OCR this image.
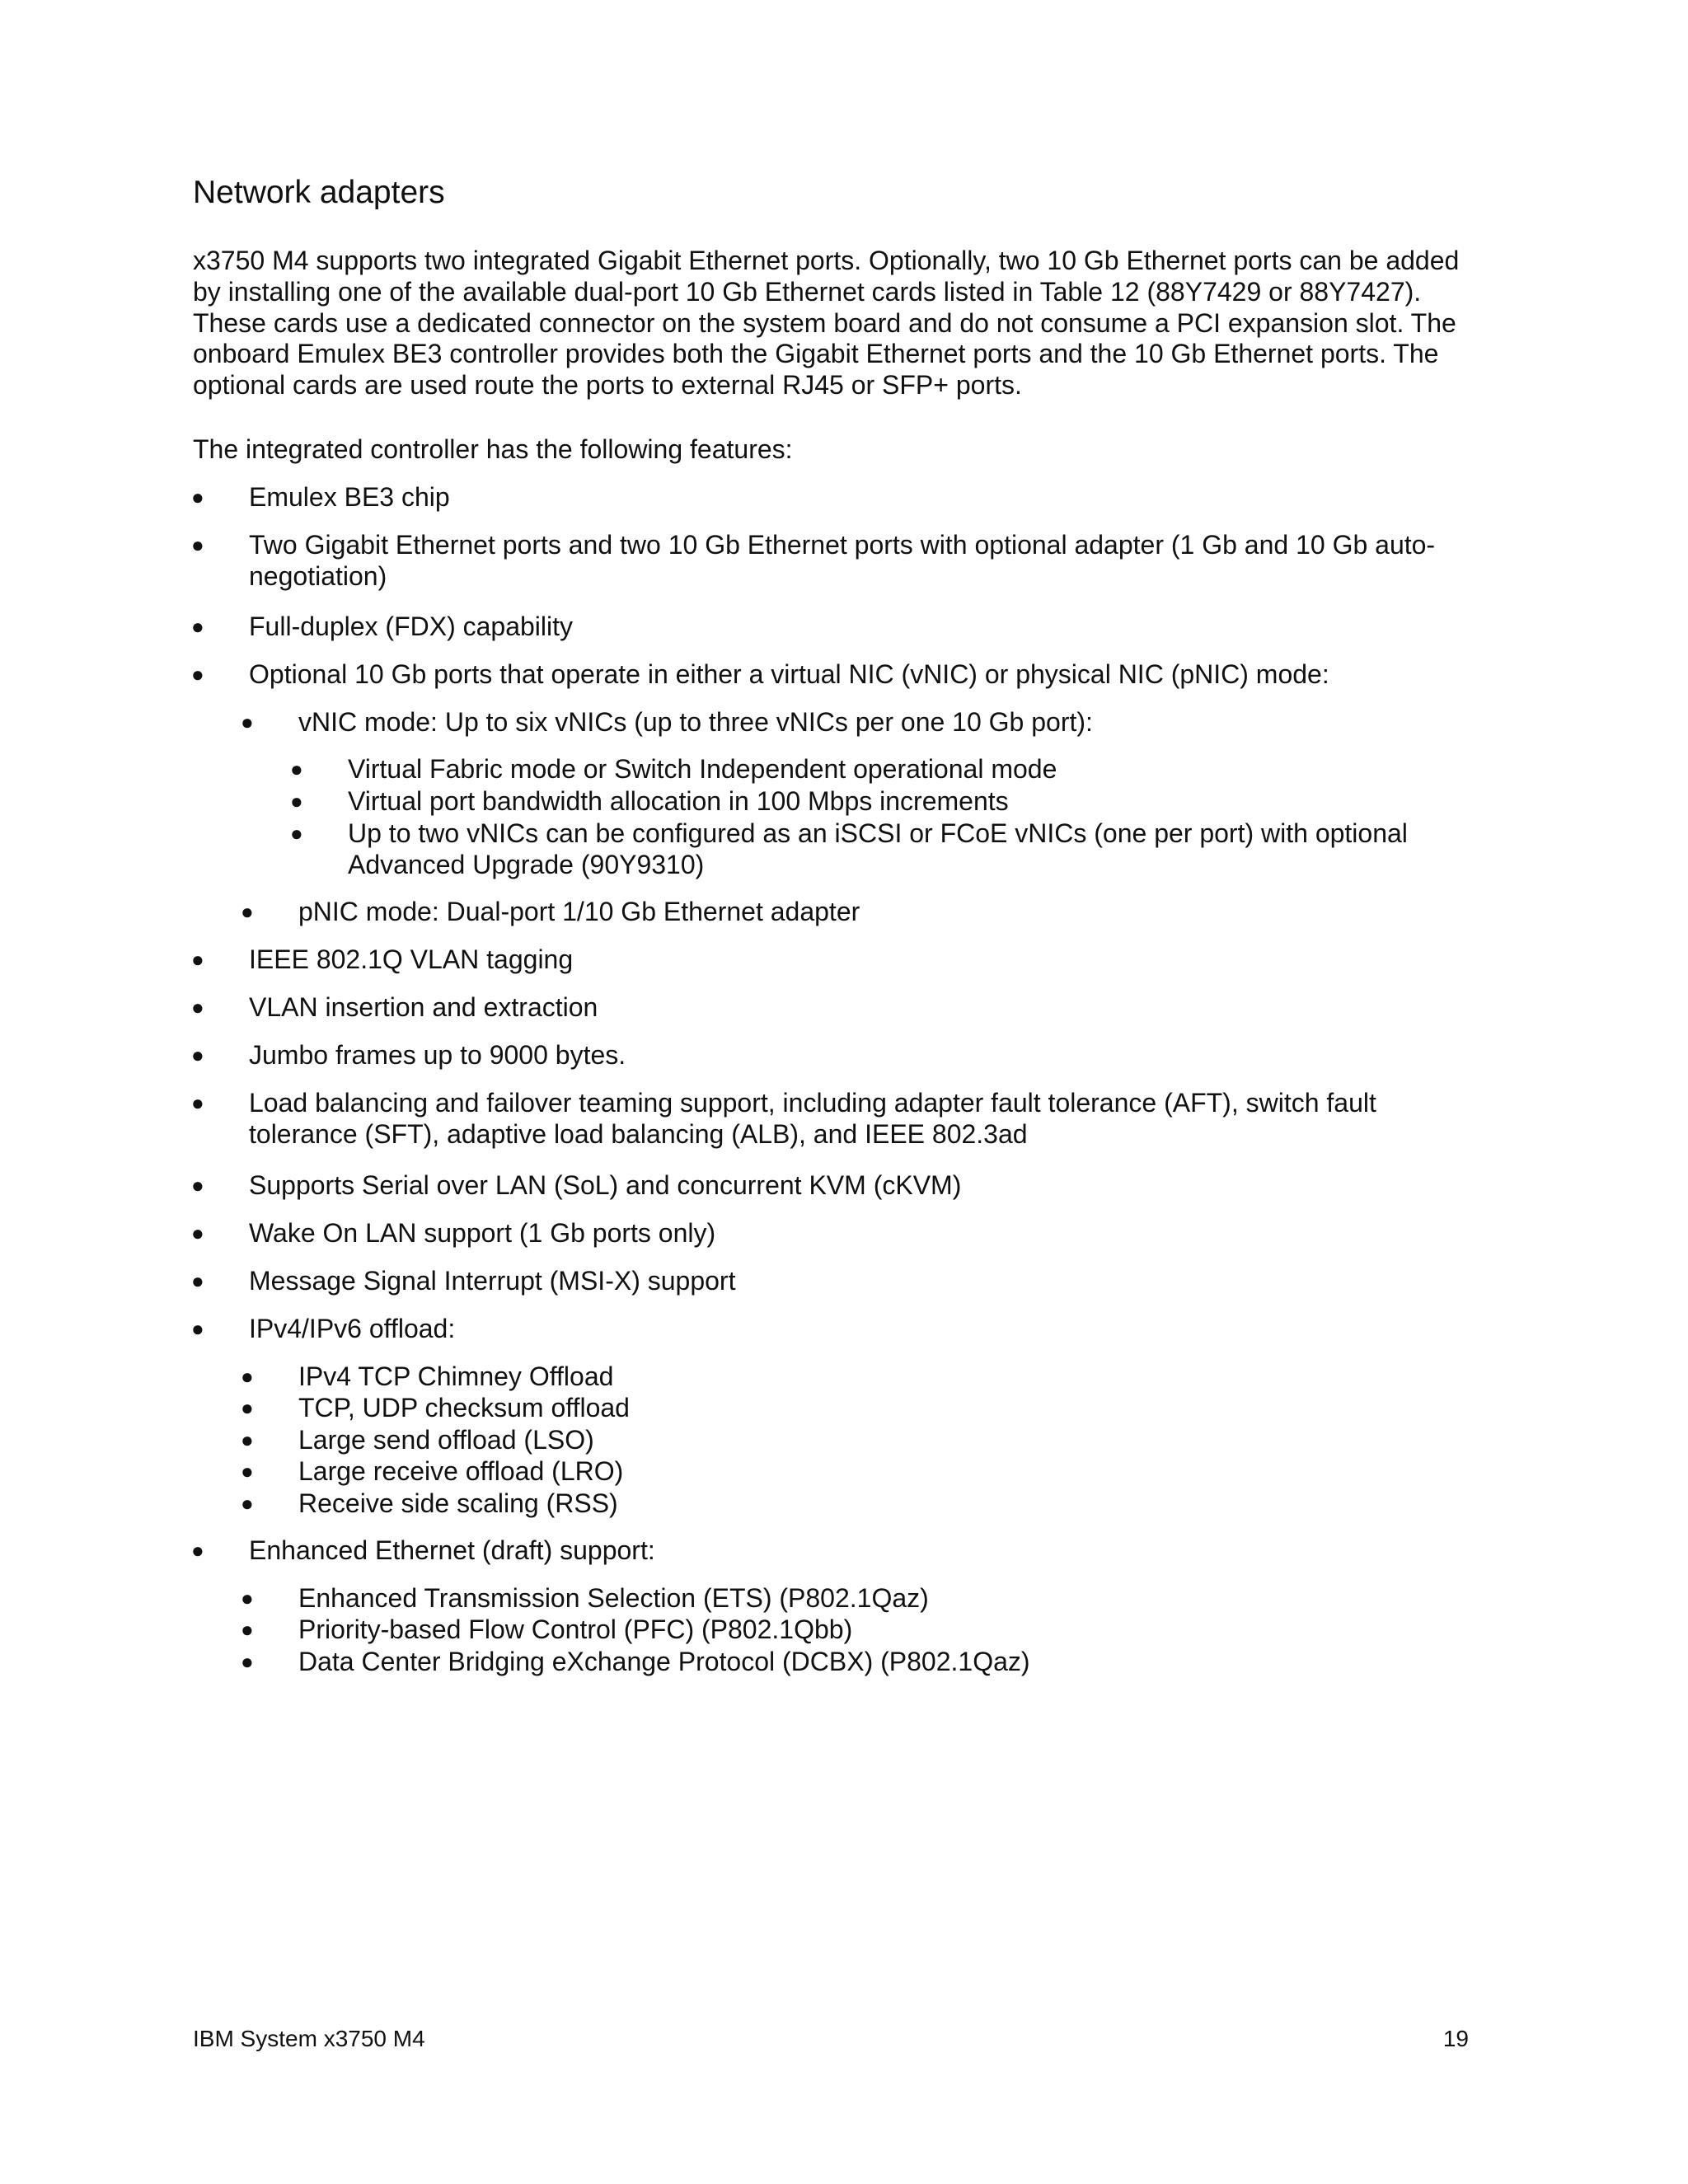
Network adapters

x3750 M4 supports two integrated Gigabit Ethernet ports. Optionally, two 10 Gb Ethernet ports can be added by installing one of the available dual-port 10 Gb Ethernet cards listed in Table 12 (88Y7429 or 88Y7427). These cards use a dedicated connector on the system board and do not consume a PCI expansion slot. The onboard Emulex BE3 controller provides both the Gigabit Ethernet ports and the 10 Gb Ethernet ports. The optional cards are used route the ports to external RJ45 or SFP+ ports.

The integrated controller has the following features:

● Emulex BE3 chip

● Two Gigabit Ethernet ports and two 10 Gb Ethernet ports with optional adapter (1 Gb and 10 Gb auto-negotiation)

● Full-duplex (FDX) capability

● Optional 10 Gb ports that operate in either a virtual NIC (vNIC) or physical NIC (pNIC) mode:

● vNIC mode: Up to six vNICs (up to three vNICs per one 10 Gb port):

● Virtual Fabric mode or Switch Independent operational mode

● Virtual port bandwidth allocation in 100 Mbps increments

● Up to two vNICs can be configured as an iSCSI or FCoE vNICs (one per port) with optional Advanced Upgrade (90Y9310)

● pNIC mode: Dual-port 1/10 Gb Ethernet adapter

● IEEE 802.1Q VLAN tagging

● VLAN insertion and extraction

● Jumbo frames up to 9000 bytes.

● Load balancing and failover teaming support, including adapter fault tolerance (AFT), switch fault tolerance (SFT), adaptive load balancing (ALB), and IEEE 802.3ad

● Supports Serial over LAN (SoL) and concurrent KVM (cKVM)

● Wake On LAN support (1 Gb ports only)

● Message Signal Interrupt (MSI-X) support

● IPv4/IPv6 offload:

● IPv4 TCP Chimney Offload

● TCP, UDP checksum offload

● Large send offload (LSO)

● Large receive offload (LRO)

● Receive side scaling (RSS)

● Enhanced Ethernet (draft) support:

● Enhanced Transmission Selection (ETS) (P802.1Qaz)

● Priority-based Flow Control (PFC) (P802.1Qbb)

● Data Center Bridging eXchange Protocol (DCBX) (P802.1Qaz)

IBM System x3750 M4	19
